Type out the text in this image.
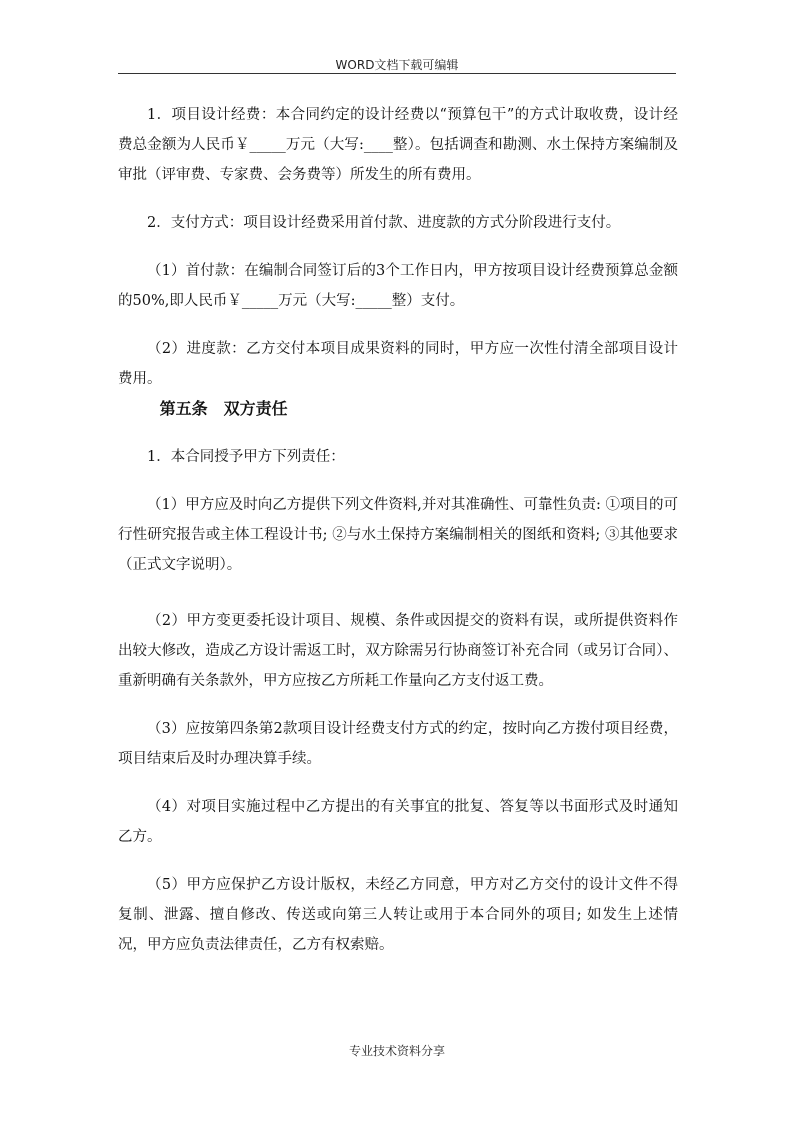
WORD文档下载可编辑

1．项目设计经费：本合同约定的设计经费以“预算包干”的方式计取收费，设计经费总金额为人民币￥_____万元（大写:____整）。包括调查和勘测、水土保持方案编制及审批（评审费、专家费、会务费等）所发生的所有费用。

2．支付方式：项目设计经费采用首付款、进度款的方式分阶段进行支付。

（1）首付款：在编制合同签订后的3个工作日内，甲方按项目设计经费预算总金额的50%,即人民币￥_____万元（大写:_____整）支付。

（2）进度款：乙方交付本项目成果资料的同时，甲方应一次性付清全部项目设计费用。

第五条　双方责任

1．本合同授予甲方下列责任：

（1）甲方应及时向乙方提供下列文件资料,并对其准确性、可靠性负责: ①项目的可行性研究报告或主体工程设计书; ②与水土保持方案编制相关的图纸和资料; ③其他要求（正式文字说明）。

（2）甲方变更委托设计项目、规模、条件或因提交的资料有误，或所提供资料作出较大修改，造成乙方设计需返工时，双方除需另行协商签订补充合同（或另订合同）、重新明确有关条款外，甲方应按乙方所耗工作量向乙方支付返工费。

（3）应按第四条第2款项目设计经费支付方式的约定，按时向乙方拨付项目经费，项目结束后及时办理决算手续。

（4）对项目实施过程中乙方提出的有关事宜的批复、答复等以书面形式及时通知乙方。

（5）甲方应保护乙方设计版权，未经乙方同意，甲方对乙方交付的设计文件不得复制、泄露、擅自修改、传送或向第三人转让或用于本合同外的项目; 如发生上述情况，甲方应负责法律责任，乙方有权索赔。

专业技术资料分享
